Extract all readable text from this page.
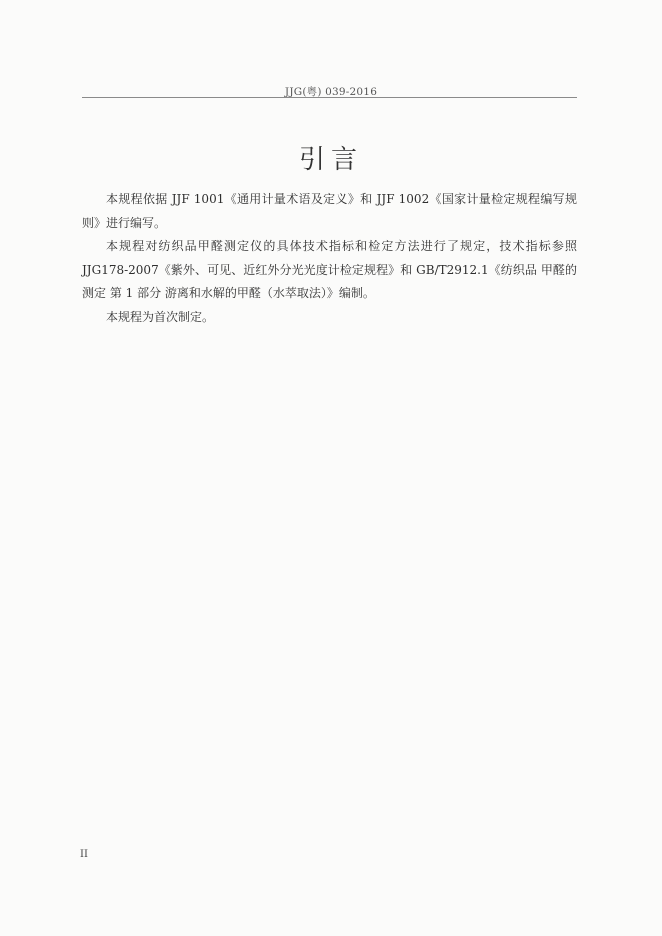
JJG(粤) 039-2016
引言

本规程依据 JJF 1001《通用计量术语及定义》和 JJF 1002《国家计量检定规程编写规则》进行编写。

本规程对纺织品甲醛测定仪的具体技术指标和检定方法进行了规定，技术指标参照 JJG178-2007《紫外、可见、近红外分光光度计检定规程》和 GB/T2912.1《纺织品 甲醛的测定 第 1 部分 游离和水解的甲醛（水萃取法）》编制。

本规程为首次制定。

II
